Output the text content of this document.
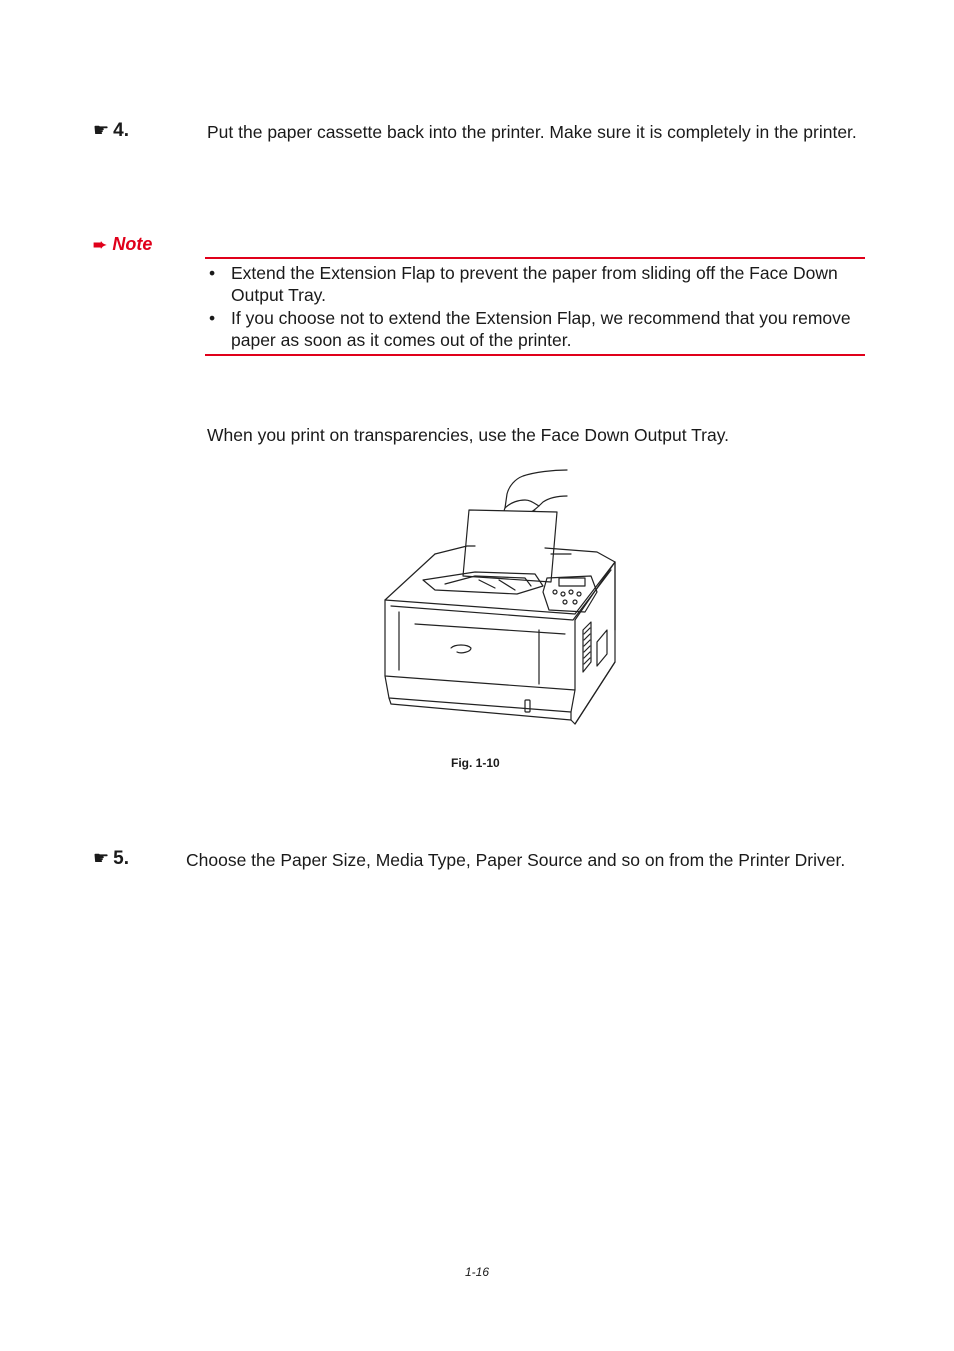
☛ 4.	Put the paper cassette back into the printer. Make sure it is completely in the printer.
➨ Note
• Extend the Extension Flap to prevent the paper from sliding off the Face Down Output Tray.
• If you choose not to extend the Extension Flap, we recommend that you remove paper as soon as it comes out of the printer.
When you print on transparencies, use the Face Down Output Tray.
Fig. 1-10
☛ 5.	Choose the Paper Size, Media Type, Paper Source and so on from the Printer Driver.
1-16
